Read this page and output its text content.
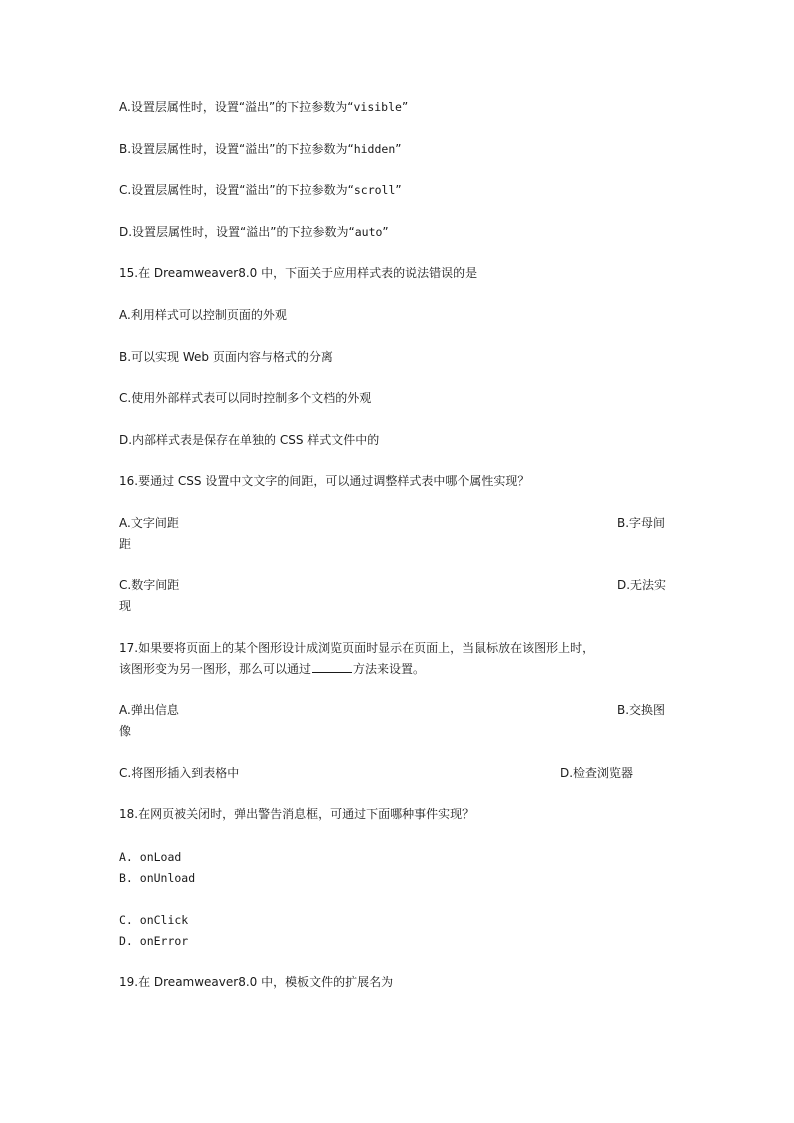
A.设置层属性时，设置“溢出”的下拉参数为“visible”
B.设置层属性时，设置“溢出”的下拉参数为“hidden”
C.设置层属性时，设置“溢出”的下拉参数为“scroll”
D.设置层属性时，设置“溢出”的下拉参数为“auto”
15.在 Dreamweaver8.0 中，下面关于应用样式表的说法错误的是
A.利用样式可以控制页面的外观
B.可以实现 Web 页面内容与格式的分离
C.使用外部样式表可以同时控制多个文档的外观
D.内部样式表是保存在单独的 CSS 样式文件中的
16.要通过 CSS 设置中文文字的间距，可以通过调整样式表中哪个属性实现？
A.文字间距	B.字母间
距
C.数字间距	D.无法实
现
17.如果要将页面上的某个图形设计成浏览页面时显示在页面上，当鼠标放在该图形上时，
该图形变为另一图形，那么可以通过	方法来设置。
A.弹出信息	B.交换图
像
C.将图形插入到表格中	D.检查浏览器
18.在网页被关闭时，弹出警告消息框，可通过下面哪种事件实现？
A. onLoad
B. onUnload
C. onClick
D. onError
19.在 Dreamweaver8.0 中，模板文件的扩展名为
